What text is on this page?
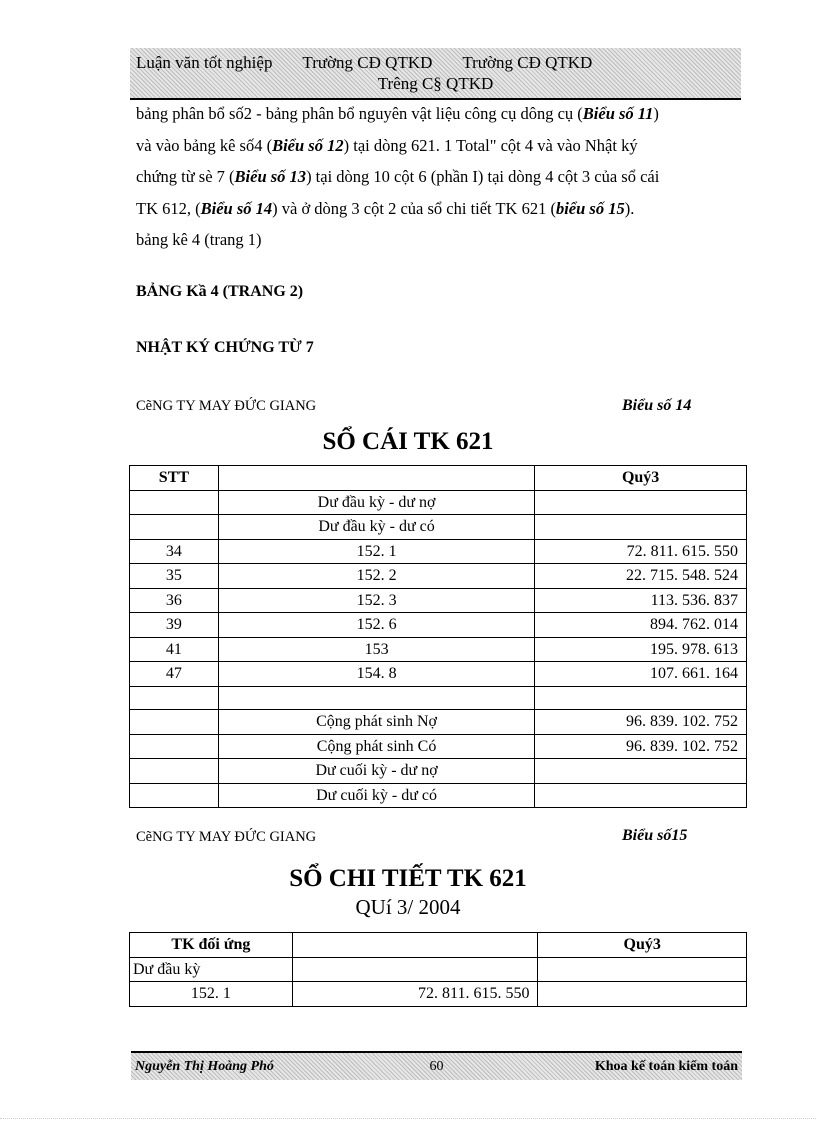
Luận văn tốt nghiệp Trường CĐ QTKD Trường CĐ QTKD
Trêng C§ QTKD

bảng phân bổ số2 - bảng phân bổ nguyên vật liệu công cụ dông cụ (Biểu số 11)

và vào bảng kê số4 (Biểu số 12) tại dòng 621. 1 Total" cột 4 và vào Nhật ký

chứng từ sè 7 (Biểu số 13) tại dòng 10 cột 6 (phần I) tại dòng 4 cột 3 của sổ cái

TK 612, (Biểu số 14) và ở dòng 3 cột 2 của sổ chi tiết TK 621 (biểu số 15).

bảng kê 4 (trang 1)

BẢNG Kầ 4 (TRANG 2)
NHẬT KÝ CHỨNG TỪ 7
CẽNG TY MAY ĐỨC GIANG	Biểu số 14
SỔ CÁI TK 621
STT		Quý3
	Dư đầu kỳ - dư nợ	
	Dư đầu kỳ - dư có	
34	152. 1	72. 811. 615. 550
35	152. 2	22. 715. 548. 524
36	152. 3	113. 536. 837
39	152. 6	894. 762. 014
41	153	195. 978. 613
47	154. 8	107. 661. 164

	Cộng phát sinh Nợ	96. 839. 102. 752
	Cộng phát sinh Có	96. 839. 102. 752
	Dư cuối kỳ - dư nợ	
	Dư cuối kỳ - dư có	
CẽNG TY MAY ĐỨC GIANG	Biểu số15
SỔ CHI TIẾT TK 621
QUí 3/ 2004
TK đối ứng		Quý3
Dư đầu kỳ		
152. 1	72. 811. 615. 550	
Nguyễn Thị Hoàng Phó	60	Khoa kế toán kiểm toán
